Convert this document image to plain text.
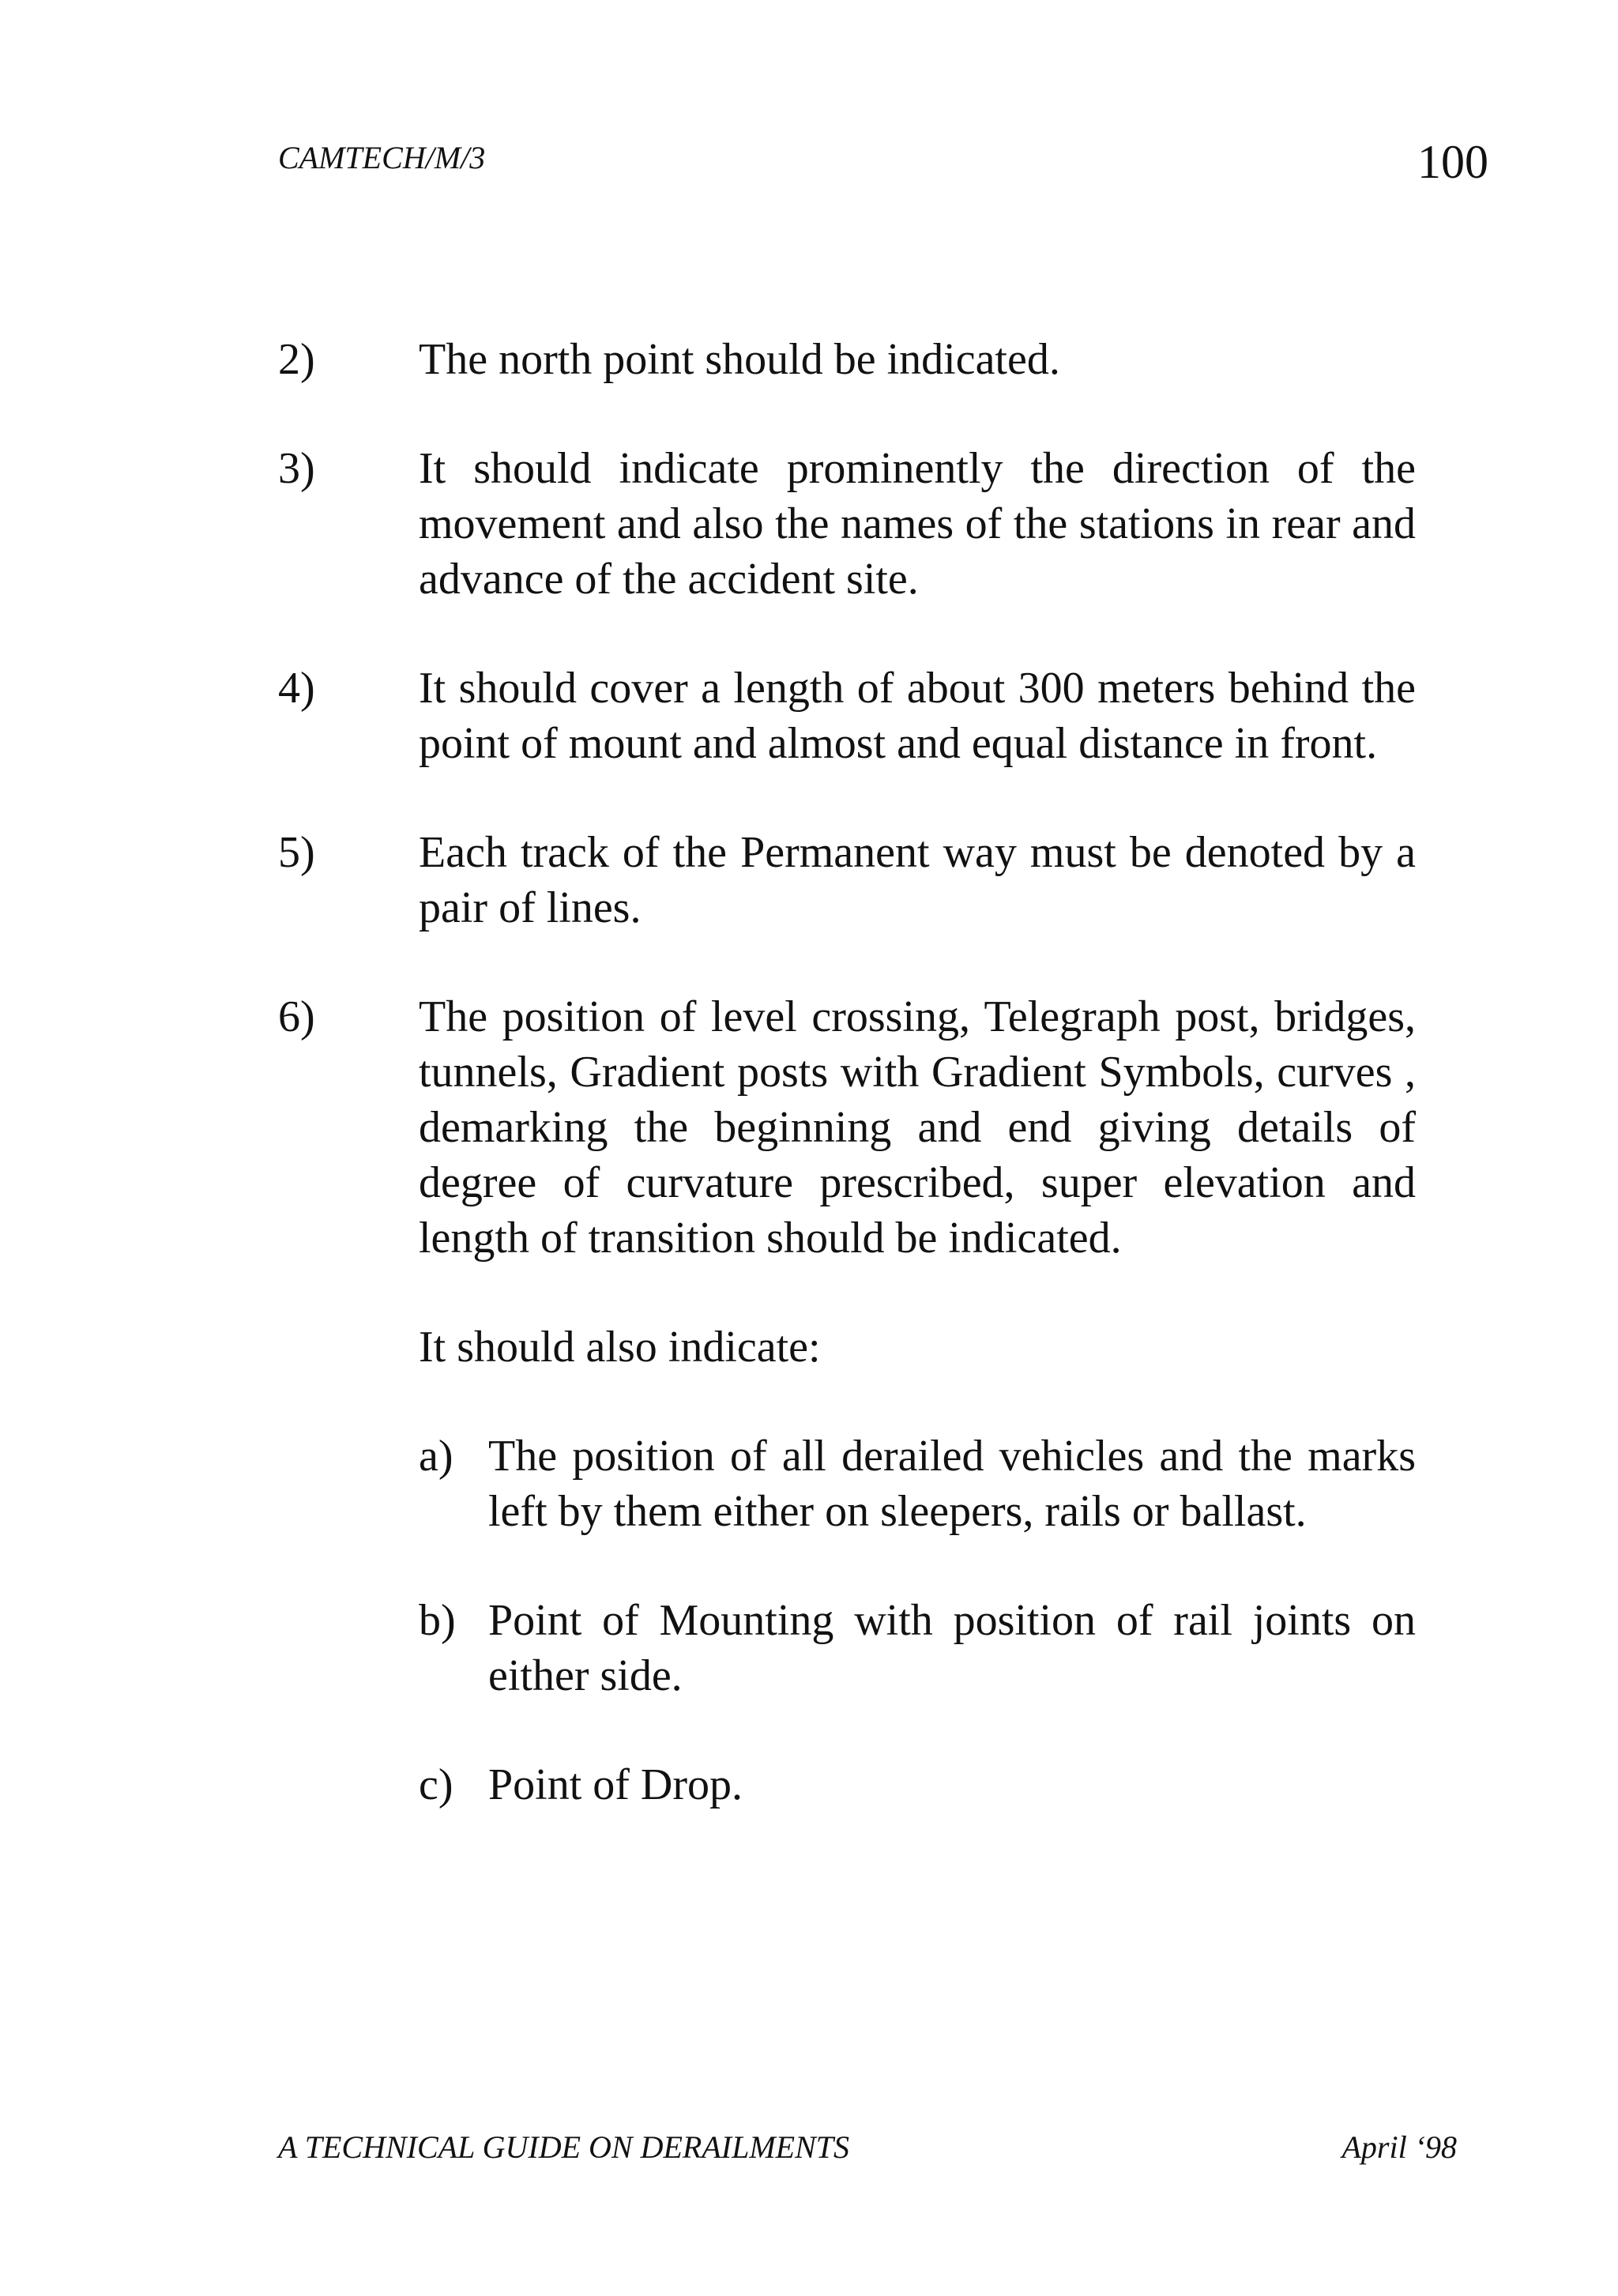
CAMTECH/M/3	100
2)	The north point should be indicated.
3)	It should indicate prominently the direction of the movement and also the names of the stations in rear and advance of the accident site.
4)	It should cover a length of about 300 meters behind the point of mount and almost and equal distance in front.
5)	Each track of the Permanent way must be denoted by a pair of lines.
6)	The position of level crossing, Telegraph post, bridges, tunnels, Gradient posts with Gradient Symbols, curves , demarking the beginning and end giving details of degree of curvature prescribed, super elevation and length of transition should be indicated.
It should also indicate:
a) The position of all derailed vehicles and the marks left by them either on sleepers, rails or ballast.
b) Point of Mounting with position of rail joints on either side.
c) Point of Drop.
A TECHNICAL GUIDE ON DERAILMENTS	April ‘98
